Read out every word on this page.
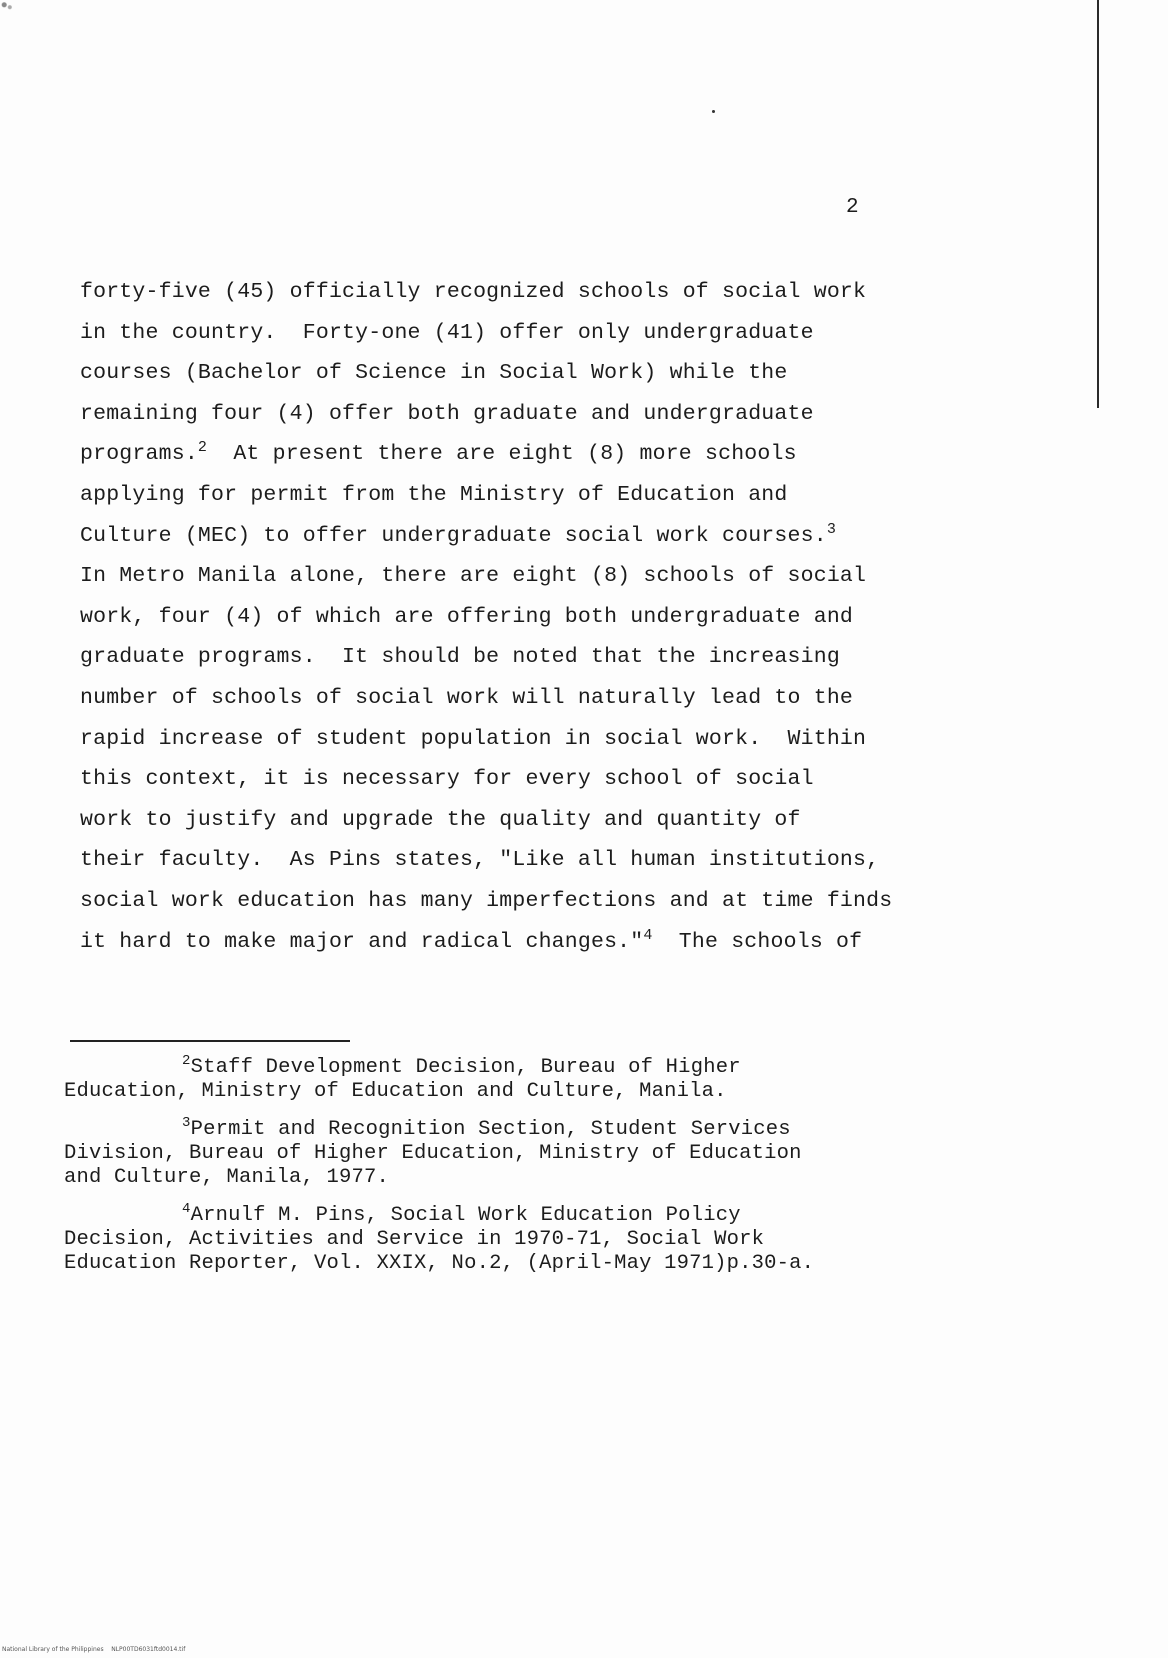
2
forty-five (45) officially recognized schools of social work
in the country.  Forty-one (41) offer only undergraduate
courses (Bachelor of Science in Social Work) while the
remaining four (4) offer both graduate and undergraduate
programs.$^2$  At present there are eight (8) more schools
applying for permit from the Ministry of Education and
Culture (MEC) to offer undergraduate social work courses.$^3$
In Metro Manila alone, there are eight (8) schools of social
work, four (4) of which are offering both undergraduate and
graduate programs.  It should be noted that the increasing
number of schools of social work will naturally lead to the
rapid increase of student population in social work.  Within
this context, it is necessary for every school of social
work to justify and upgrade the quality and quantity of
their faculty.  As Pins states, "Like all human institutions,
social work education has many imperfections and at time finds
it hard to make major and radical changes."$^4$  The schools of
$^2$Staff Development Decision, Bureau of Higher
Education, Ministry of Education and Culture, Manila.
$^3$Permit and Recognition Section, Student Services
Division, Bureau of Higher Education, Ministry of Education
and Culture, Manila, 1977.
$^4$Arnulf M. Pins, Social Work Education Policy
Decision, Activities and Service in 1970-71, Social Work
Education Reporter, Vol. XXIX, No.2, (April-May 1971)p.30-a.
National Library of the Philippines    NLP00TD6031ftd0014.tif
